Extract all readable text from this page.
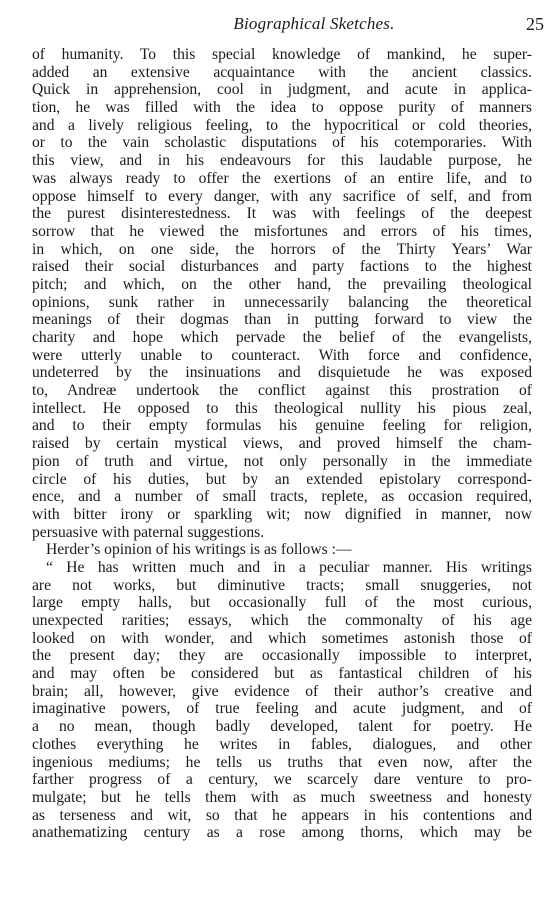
Biographical Sketches.	25
of humanity. To this special knowledge of mankind, he super-
added an extensive acquaintance with the ancient classics.
Quick in apprehension, cool in judgment, and acute in applica-
tion, he was filled with the idea to oppose purity of manners
and a lively religious feeling, to the hypocritical or cold theories,
or to the vain scholastic disputations of his cotemporaries. With
this view, and in his endeavours for this laudable purpose, he
was always ready to offer the exertions of an entire life, and to
oppose himself to every danger, with any sacrifice of self, and from
the purest disinterestedness. It was with feelings of the deepest
sorrow that he viewed the misfortunes and errors of his times,
in which, on one side, the horrors of the Thirty Years’ War
raised their social disturbances and party factions to the highest
pitch; and which, on the other hand, the prevailing theological
opinions, sunk rather in unnecessarily balancing the theoretical
meanings of their dogmas than in putting forward to view the
charity and hope which pervade the belief of the evangelists,
were utterly unable to counteract. With force and confidence,
undeterred by the insinuations and disquietude he was exposed
to, Andreæ undertook the conflict against this prostration of
intellect. He opposed to this theological nullity his pious zeal,
and to their empty formulas his genuine feeling for religion,
raised by certain mystical views, and proved himself the cham-
pion of truth and virtue, not only personally in the immediate
circle of his duties, but by an extended epistolary correspond-
ence, and a number of small tracts, replete, as occasion required,
with bitter irony or sparkling wit; now dignified in manner, now
persuasive with paternal suggestions.
Herder’s opinion of his writings is as follows :—
“ He has written much and in a peculiar manner. His writings
are not works, but diminutive tracts; small snuggeries, not
large empty halls, but occasionally full of the most curious,
unexpected rarities; essays, which the commonalty of his age
looked on with wonder, and which sometimes astonish those of
the present day; they are occasionally impossible to interpret,
and may often be considered but as fantastical children of his
brain; all, however, give evidence of their author’s creative and
imaginative powers, of true feeling and acute judgment, and of
a no mean, though badly developed, talent for poetry. He
clothes everything he writes in fables, dialogues, and other
ingenious mediums; he tells us truths that even now, after the
farther progress of a century, we scarcely dare venture to pro-
mulgate; but he tells them with as much sweetness and honesty
as terseness and wit, so that he appears in his contentions and
anathematizing century as a rose among thorns, which may be
